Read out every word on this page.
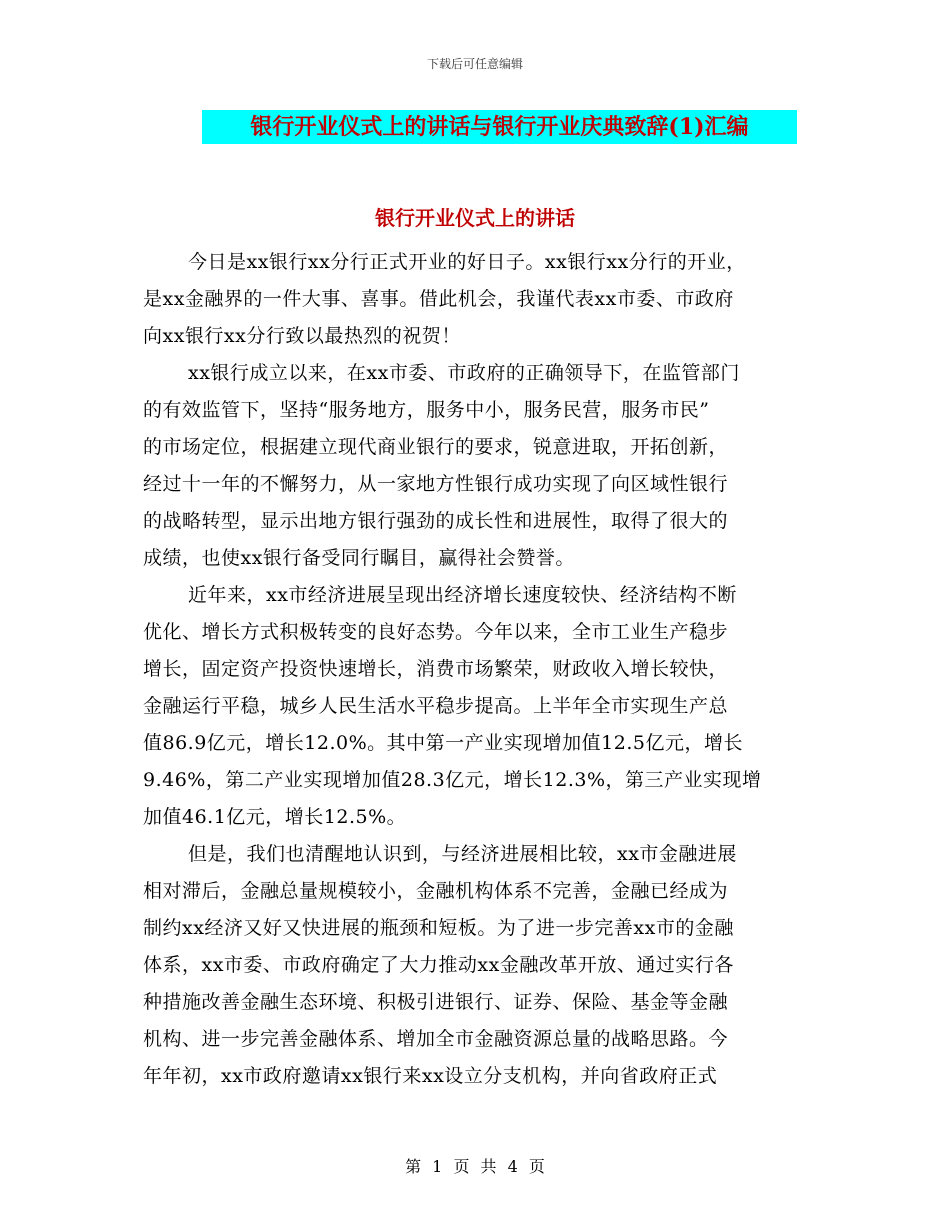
下载后可任意编辑
银行开业仪式上的讲话与银行开业庆典致辞(1)汇编
银行开业仪式上的讲话
今日是xx银行xx分行正式开业的好日子。xx银行xx分行的开业，
是xx金融界的一件大事、喜事。借此机会，我谨代表xx市委、市政府
向xx银行xx分行致以最热烈的祝贺！
xx银行成立以来，在xx市委、市政府的正确领导下，在监管部门
的有效监管下，坚持“服务地方，服务中小，服务民营，服务市民”
的市场定位，根据建立现代商业银行的要求，锐意进取，开拓创新，
经过十一年的不懈努力，从一家地方性银行成功实现了向区域性银行
的战略转型，显示出地方银行强劲的成长性和进展性，取得了很大的
成绩，也使xx银行备受同行瞩目，赢得社会赞誉。
近年来，xx市经济进展呈现出经济增长速度较快、经济结构不断
优化、增长方式积极转变的良好态势。今年以来，全市工业生产稳步
增长，固定资产投资快速增长，消费市场繁荣，财政收入增长较快，
金融运行平稳，城乡人民生活水平稳步提高。上半年全市实现生产总
值86.9亿元，增长12.0%。其中第一产业实现增加值12.5亿元，增长
9.46%，第二产业实现增加值28.3亿元，增长12.3%，第三产业实现增
加值46.1亿元，增长12.5%。
但是，我们也清醒地认识到，与经济进展相比较，xx市金融进展
相对滞后，金融总量规模较小，金融机构体系不完善，金融已经成为
制约xx经济又好又快进展的瓶颈和短板。为了进一步完善xx市的金融
体系，xx市委、市政府确定了大力推动xx金融改革开放、通过实行各
种措施改善金融生态环境、积极引进银行、证券、保险、基金等金融
机构、进一步完善金融体系、增加全市金融资源总量的战略思路。今
年年初，xx市政府邀请xx银行来xx设立分支机构，并向省政府正式
第 1 页 共 4 页
